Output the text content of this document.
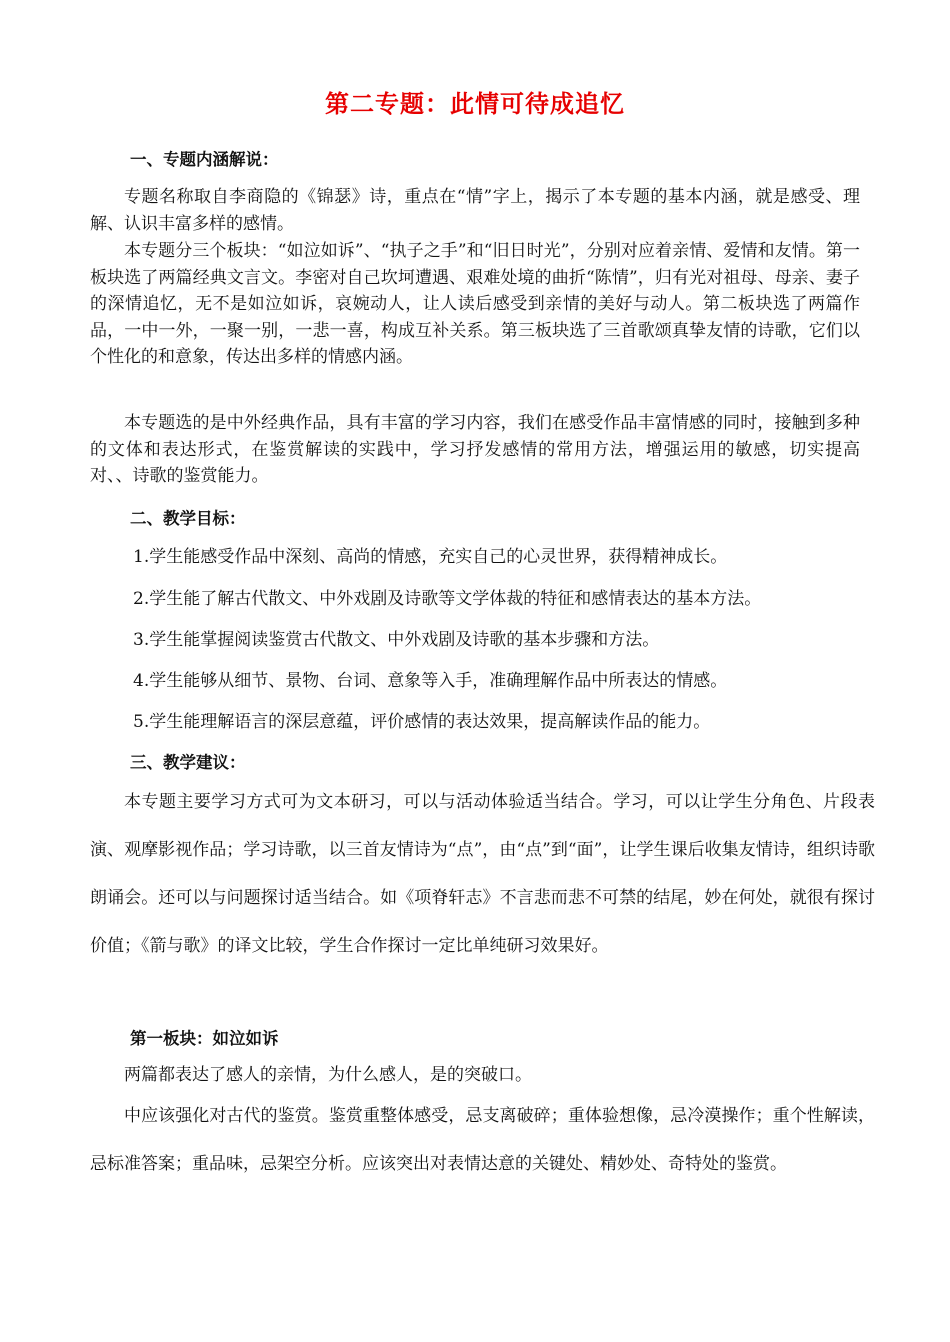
第二专题：此情可待成追忆
一、专题内涵解说：

专题名称取自李商隐的《锦瑟》诗，重点在“情”字上，揭示了本专题的基本内涵，就是感受、理解、认识丰富多样的感情。

本专题分三个板块：“如泣如诉”、“执子之手”和“旧日时光”，分别对应着亲情、爱情和友情。第一板块选了两篇经典文言文。李密对自己坎坷遭遇、艰难处境的曲折“陈情”，归有光对祖母、母亲、妻子的深情追忆，无不是如泣如诉，哀婉动人，让人读后感受到亲情的美好与动人。第二板块选了两篇作品，一中一外，一聚一别，一悲一喜，构成互补关系。第三板块选了三首歌颂真挚友情的诗歌，它们以个性化的和意象，传达出多样的情感内涵。

本专题选的是中外经典作品，具有丰富的学习内容，我们在感受作品丰富情感的同时，接触到多种的文体和表达形式，在鉴赏解读的实践中，学习抒发感情的常用方法，增强运用的敏感，切实提高对、、诗歌的鉴赏能力。

二、教学目标：
1.学生能感受作品中深刻、高尚的情感，充实自己的心灵世界，获得精神成长。
2.学生能了解古代散文、中外戏剧及诗歌等文学体裁的特征和感情表达的基本方法。
3.学生能掌握阅读鉴赏古代散文、中外戏剧及诗歌的基本步骤和方法。
4.学生能够从细节、景物、台词、意象等入手，准确理解作品中所表达的情感。
5.学生能理解语言的深层意蕴，评价感情的表达效果，提高解读作品的能力。
三、教学建议：

本专题主要学习方式可为文本研习，可以与活动体验适当结合。学习，可以让学生分角色、片段表演、观摩影视作品；学习诗歌，以三首友情诗为“点”，由“点”到“面”，让学生课后收集友情诗，组织诗歌朗诵会。还可以与问题探讨适当结合。如《项脊轩志》不言悲而悲不可禁的结尾，妙在何处，就很有探讨价值；《箭与歌》的译文比较，学生合作探讨一定比单纯研习效果好。

第一板块：如泣如诉
两篇都表达了感人的亲情，为什么感人，是的突破口。

中应该强化对古代的鉴赏。鉴赏重整体感受，忌支离破碎；重体验想像，忌冷漠操作；重个性解读，忌标准答案；重品味，忌架空分析。应该突出对表情达意的关键处、精妙处、奇特处的鉴赏。
